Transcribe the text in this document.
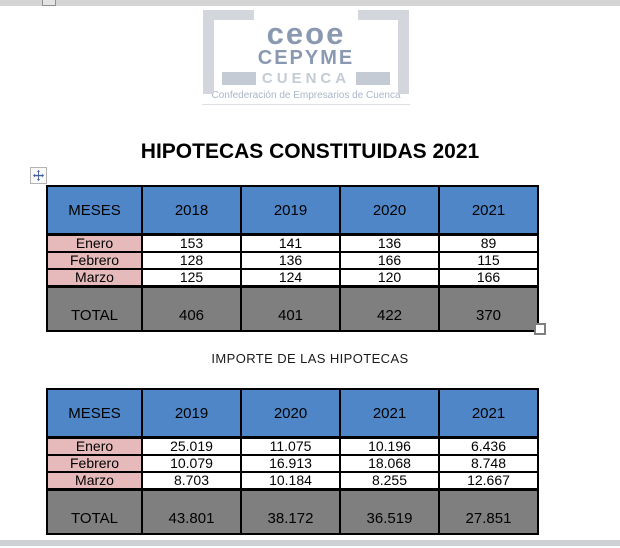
ceoe
CEPYME
CUENCA
Confederación de Empresarios de Cuenca
HIPOTECAS CONSTITUIDAS 2021
MESES	2018	2019	2020	2021
Enero	153	141	136	89
Febrero	128	136	166	115
Marzo	125	124	120	166
TOTAL	406	401	422	370
IMPORTE DE LAS HIPOTECAS
MESES	2019	2020	2021	2021
Enero	25.019	11.075	10.196	6.436
Febrero	10.079	16.913	18.068	8.748
Marzo	8.703	10.184	8.255	12.667
TOTAL	43.801	38.172	36.519	27.851
